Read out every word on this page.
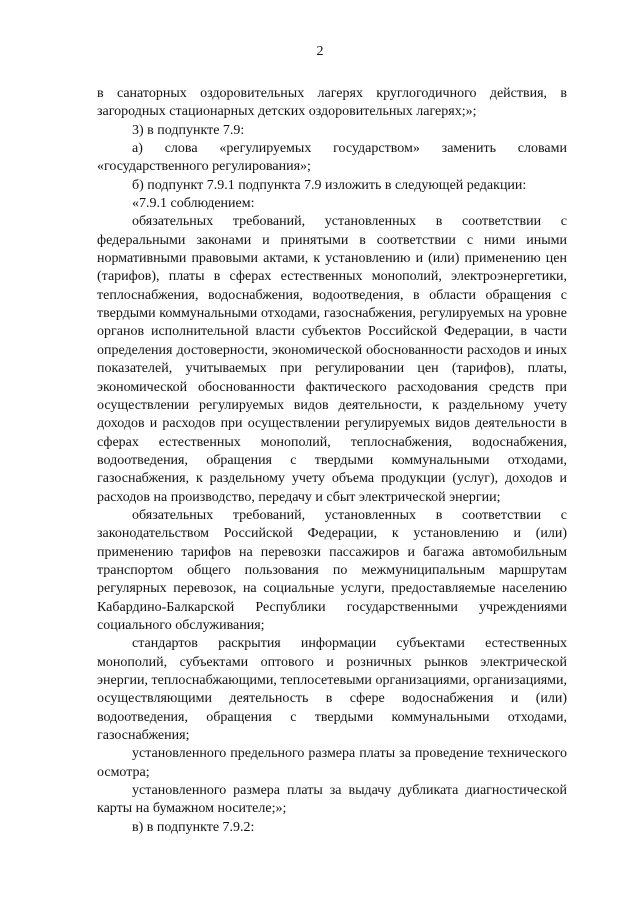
2

в санаторных оздоровительных лагерях круглогодичного действия, в загородных стационарных детских оздоровительных лагерях;»;

3) в подпункте 7.9:

а) слова «регулируемых государством» заменить словами «государственного регулирования»;

б) подпункт 7.9.1 подпункта 7.9 изложить в следующей редакции:

«7.9.1 соблюдением:

обязательных требований, установленных в соответствии с федеральными законами и принятыми в соответствии с ними иными нормативными правовыми актами, к установлению и (или) применению цен (тарифов), платы в сферах естественных монополий, электроэнергетики, теплоснабжения, водоснабжения, водоотведения, в области обращения с твердыми коммунальными отходами, газоснабжения, регулируемых на уровне органов исполнительной власти субъектов Российской Федерации, в части определения достоверности, экономической обоснованности расходов и иных показателей, учитываемых при регулировании цен (тарифов), платы, экономической обоснованности фактического расходования средств при осуществлении регулируемых видов деятельности, к раздельному учету доходов и расходов при осуществлении регулируемых видов деятельности в сферах естественных монополий, теплоснабжения, водоснабжения, водоотведения, обращения с твердыми коммунальными отходами, газоснабжения, к раздельному учету объема продукции (услуг), доходов и расходов на производство, передачу и сбыт электрической энергии;

обязательных требований, установленных в соответствии с законодательством Российской Федерации, к установлению и (или) применению тарифов на перевозки пассажиров и багажа автомобильным транспортом общего пользования по межмуниципальным маршрутам регулярных перевозок, на социальные услуги, предоставляемые населению Кабардино-Балкарской Республики государственными учреждениями социального обслуживания;

стандартов раскрытия информации субъектами естественных монополий, субъектами оптового и розничных рынков электрической энергии, теплоснабжающими, теплосетевыми организациями, организациями, осуществляющими деятельность в сфере водоснабжения и (или) водоотведения, обращения с твердыми коммунальными отходами, газоснабжения;

установленного предельного размера платы за проведение технического осмотра;

установленного размера платы за выдачу дубликата диагностической карты на бумажном носителе;»;

в) в подпункте 7.9.2:
